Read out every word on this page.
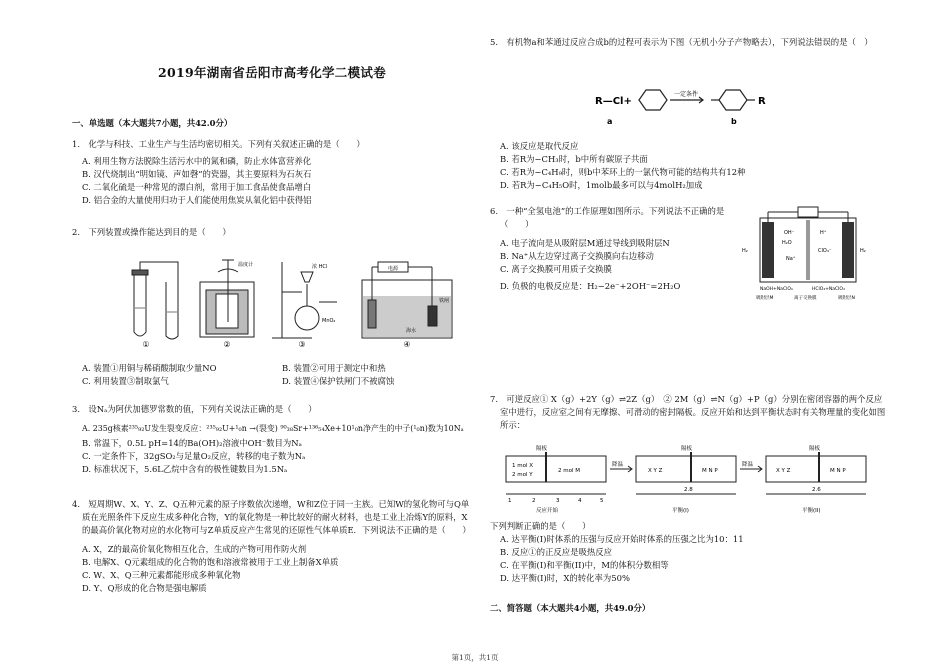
2019年湖南省岳阳市高考化学二模试卷
一、单选题（本大题共7小题，共42.0分）
1.　化学与科技、工业生产与生活均密切相关。下列有关叙述正确的是（　　）
A. 利用生物方法脱除生活污水中的氮和磷，防止水体富营养化
B. 汉代烧制出“明如镜、声如磬”的瓷器，其主要原料为石灰石
C. 二氧化硫是一种常见的漂白剂，常用于加工食品使食品增白
D. 铝合金的大量使用归功于人们能使用焦炭从氧化铝中获得铝
2.　下列装置或操作能达到目的是（　　）
①
温度计
②
浓 HCl
MnO₂
③
电源
海水
铁闸
④
A. 装置①用铜与稀硝酸制取少量NO	B. 装置②可用于测定中和热
C. 利用装置③制取氯气	D. 装置④保护铁闸门不被腐蚀
3.　设Nₐ为阿伏加德罗常数的值，下列有关说法正确的是（　　）
A. 235g核素²³⁵₉₂U发生裂变反应：²³⁵₉₂U+¹₀n →(裂变) ⁹⁰₃₈Sr+¹³⁶₅₄Xe+10¹₀n净产生的中子(¹₀n)数为10Nₐ
B. 常温下，0.5L pH=14的Ba(OH)₂溶液中OH⁻数目为Nₐ
C. 一定条件下，32gSO₂与足量O₂反应，转移的电子数为Nₐ
D. 标准状况下，5.6L乙烷中含有的极性键数目为1.5Nₐ
4.　短周期W、X、Y、Z、Q五种元素的原子序数依次递增，W和Z位于同一主族。已知W的氢化物可与Q单质在光照条件下反应生成多种化合物，Y的氧化物是一种比较好的耐火材料，也是工业上冶炼Y的原料，X的最高价氧化物对应的水化物可与Z单质反应产生常见的还原性气体单质E．下列说法不正确的是（　　）
A. X，Z的最高价氧化物相互化合，生成的产物可用作防火剂
B. 电解X、Q元素组成的化合物的饱和溶液常被用于工业上制备X单质
C. W、X、Q三种元素都能形成多种氧化物
D. Y、Q形成的化合物是强电解质
5.　有机物a和苯通过反应合成b的过程可表示为下图（无机小分子产物略去），下列说法错误的是（　）
R—Cl+
一定条件
R
a	b
A. 该反应是取代反应
B. 若R为−CH₃时，b中所有碳原子共面
C. 若R为−C₄H₉时，则b中苯环上的一氯代物可能的结构共有12种
D. 若R为−C₄H₅O时，1molb最多可以与4molH₂加成
6.　一种“全氢电池”的工作原理如图所示。下列说法不正确的是（　　）
A. 电子流向是从吸附层M通过导线到吸附层N
B. Na⁺从左边穿过离子交换膜向右边移动
C. 离子交换膜可用质子交换膜
D. 负极的电极反应是：H₂−2e⁻+2OH⁻=2H₂O
H₂
OH⁻
H₂O
Na⁺
H⁺
ClO₄⁻
NaOH+NaClO₄	HClO₄+NaClO₄
吸附层M	离子交换膜	吸附层N
H₂
7.　可逆反应① X（g）+2Y（g）⇌2Z（g）　② 2M（g）⇌N（g）+P（g）分别在密闭容器的两个反应室中进行，反应室之间有无摩擦、可滑动的密封隔板。反应开始和达到平衡状态时有关物理量的变化如图所示：
隔板	隔板	隔板
1 mol X
2 mol Y
2 mol M
降温	降温
X Y Z	M N P	X Y Z	M N P
1	2	3	4	5
2.8	2.6
反应开始	平衡(I)	平衡(II)
下列判断正确的是（　　）
A. 达平衡(I)时体系的压强与反应开始时体系的压强之比为10：11
B. 反应①的正反应是吸热反应
C. 在平衡(I)和平衡(II)中，M的体积分数相等
D. 达平衡(I)时，X的转化率为50%
二、简答题（本大题共4小题，共49.0分）
第1页，共1页
